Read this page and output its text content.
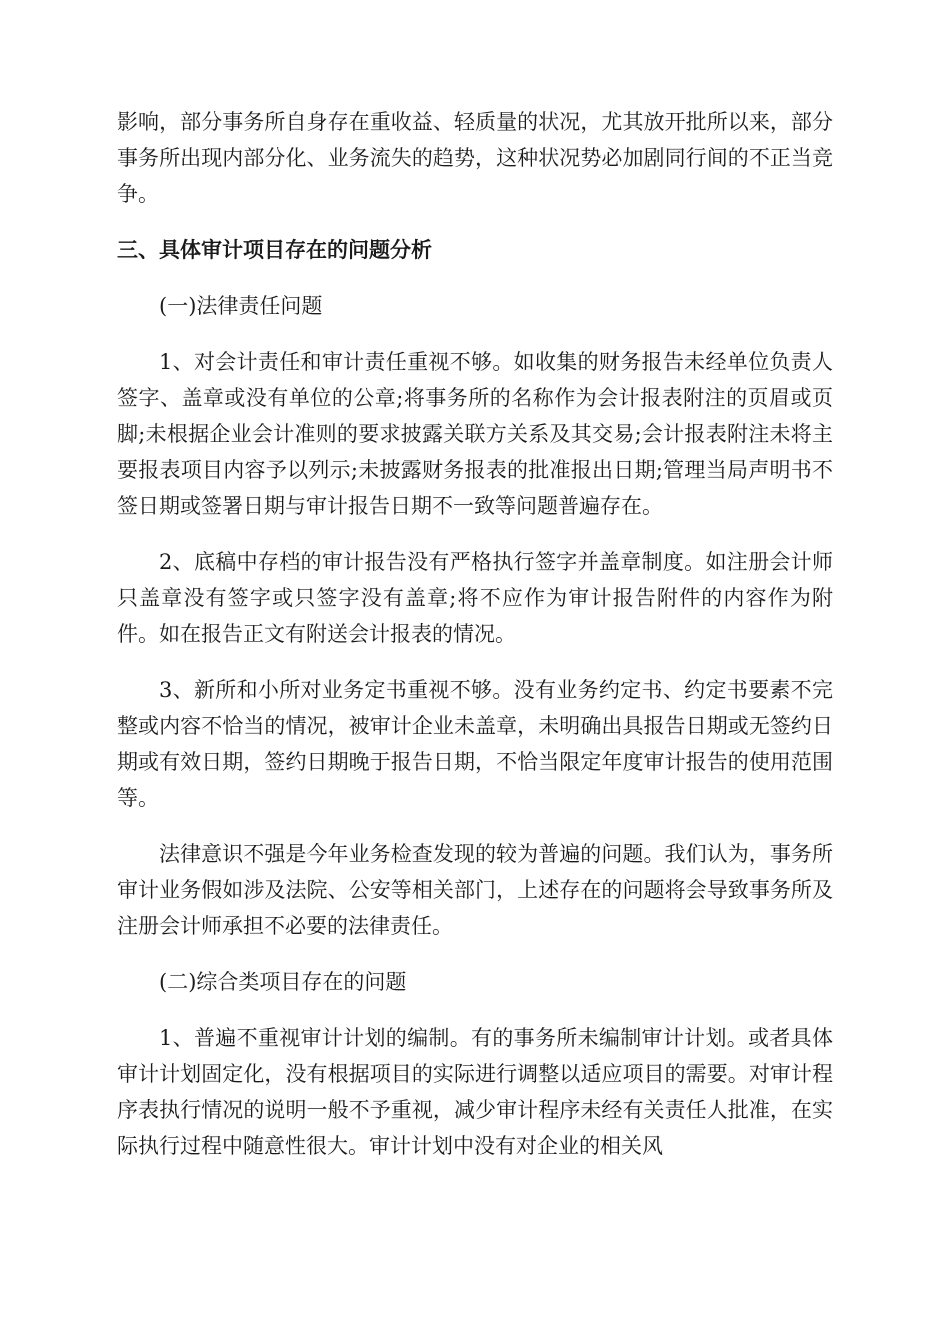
影响，部分事务所自身存在重收益、轻质量的状况，尤其放开批所以来，部分事务所出现内部分化、业务流失的趋势，这种状况势必加剧同行间的不正当竞争。

三、具体审计项目存在的问题分析

(一)法律责任问题

1、对会计责任和审计责任重视不够。如收集的财务报告未经单位负责人签字、盖章或没有单位的公章;将事务所的名称作为会计报表附注的页眉或页脚;未根据企业会计准则的要求披露关联方关系及其交易;会计报表附注未将主要报表项目内容予以列示;未披露财务报表的批准报出日期;管理当局声明书不签日期或签署日期与审计报告日期不一致等问题普遍存在。

2、底稿中存档的审计报告没有严格执行签字并盖章制度。如注册会计师只盖章没有签字或只签字没有盖章;将不应作为审计报告附件的内容作为附件。如在报告正文有附送会计报表的情况。

3、新所和小所对业务定书重视不够。没有业务约定书、约定书要素不完整或内容不恰当的情况，被审计企业未盖章，未明确出具报告日期或无签约日期或有效日期，签约日期晚于报告日期，不恰当限定年度审计报告的使用范围等。

法律意识不强是今年业务检查发现的较为普遍的问题。我们认为，事务所审计业务假如涉及法院、公安等相关部门，上述存在的问题将会导致事务所及注册会计师承担不必要的法律责任。

(二)综合类项目存在的问题

1、普遍不重视审计计划的编制。有的事务所未编制审计计划。或者具体审计计划固定化，没有根据项目的实际进行调整以适应项目的需要。对审计程序表执行情况的说明一般不予重视，减少审计程序未经有关责任人批准，在实际执行过程中随意性很大。审计计划中没有对企业的相关风
